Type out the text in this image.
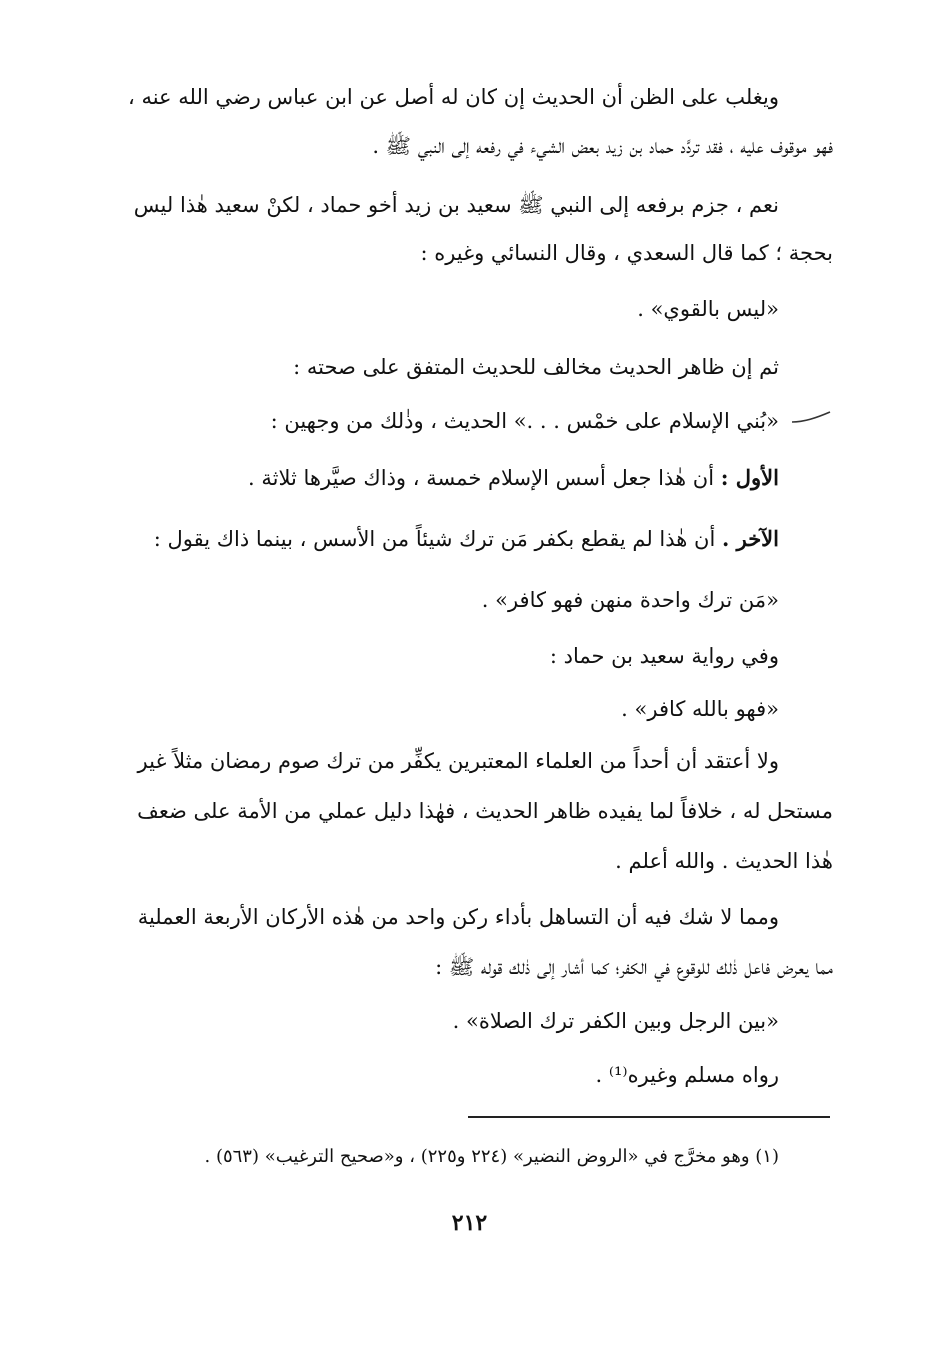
ويغلب على الظن أن الحديث إن كان له أصل عن ابن عباس رضي الله عنه ،
فهو موقوف عليه ، فقد تردَّد حماد بن زيد بعض الشيء في رفعه إلى النبي ﷺ .
نعم ، جزم برفعه إلى النبي ﷺ سعيد بن زيد أخو حماد ، لكنْ سعيد هٰذا ليس
بحجة ؛ كما قال السعدي ، وقال النسائي وغيره :
«ليس بالقوي» .
ثم إن ظاهر الحديث مخالف للحديث المتفق على صحته :
«بُني الإسلام على خمْس . . .» الحديث ، وذٰلك من وجهين :
الأول : أن هٰذا جعل أسس الإسلام خمسة ، وذاك صيَّرها ثلاثة .
الآخر . أن هٰذا لم يقطع بكفر مَن ترك شيئاً من الأسس ، بينما ذاك يقول :
«مَن ترك واحدة منهن فهو كافر» .
وفي رواية سعيد بن حماد :
«فهو بالله كافر» .
ولا أعتقد أن أحداً من العلماء المعتبرين يكفِّر من ترك صوم رمضان مثلاً غير
مستحل له ، خلافاً لما يفيده ظاهر الحديث ، فهٰذا دليل عملي من الأمة على ضعف
هٰذا الحديث . والله أعلم .
ومما لا شك فيه أن التساهل بأداء ركن واحد من هٰذه الأركان الأربعة العملية
مما يعرض فاعل ذٰلك للوقوع في الكفر؛ كما أشار إلى ذٰلك قوله ﷺ :
«بين الرجل وبين الكفر ترك الصلاة» .
رواه مسلم وغيره⁽¹⁾ .
(١) وهو مخرَّج في «الروض النضير» (٢٢٤ و٢٢٥) ، و«صحيح الترغيب» (٥٦٣) .
٢١٢
